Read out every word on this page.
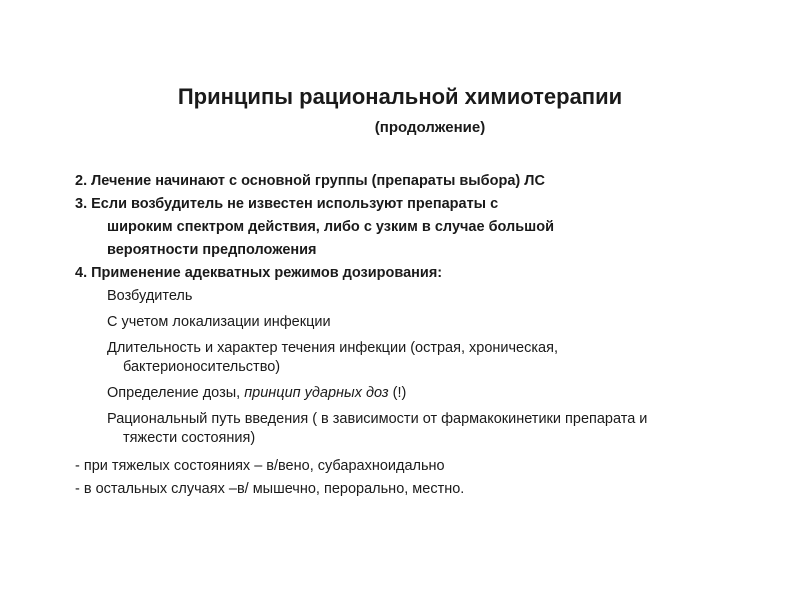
Принципы рациональной химиотерапии
(продолжение)
2. Лечение начинают с основной группы (препараты выбора) ЛС
3. Если возбудитель не известен используют препараты с
широким спектром действия, либо с узким в случае большой
вероятности предположения
4. Применение адекватных режимов дозирования:
Возбудитель
С учетом локализации инфекции
Длительность и характер течения инфекции (острая, хроническая,
бактерионосительство)
Определение дозы, принцип ударных доз (!)
Рациональный путь введения ( в зависимости от фармакокинетики препарата и
тяжести состояния)
- при тяжелых состояниях – в/вено, субарахноидально
- в остальных случаях –в/ мышечно, перорально, местно.
